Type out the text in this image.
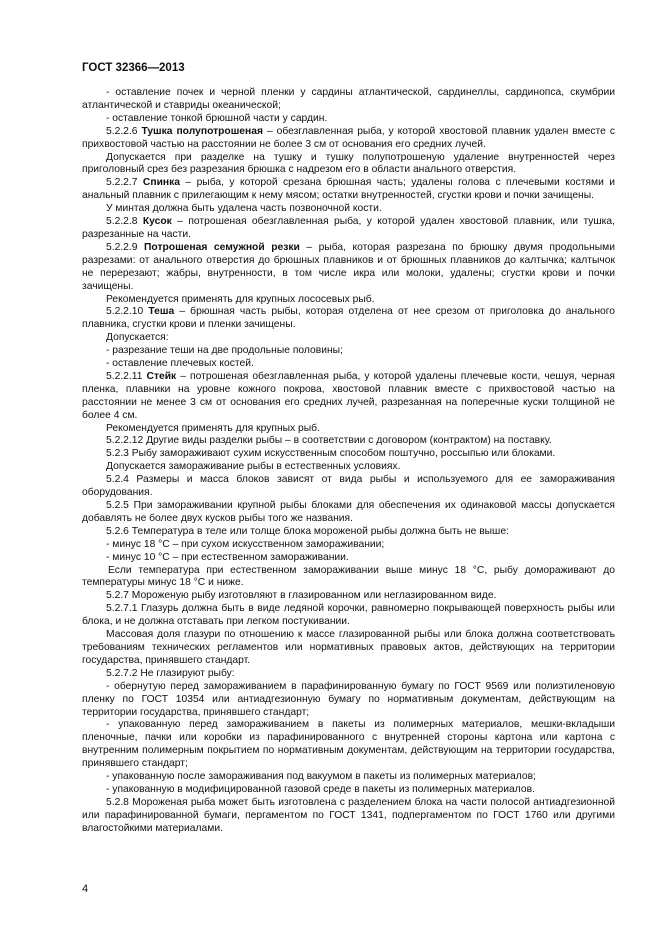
ГОСТ 32366—2013

- оставление почек и черной пленки у сардины атлантической, сардинеллы, сардинопса, скумбрии атлантической и ставриды океанической;

- оставление тонкой брюшной части у сардин.

5.2.2.6 Тушка полупотрошеная – обезглавленная рыба, у которой хвостовой плавник удален вместе с прихвостовой частью на расстоянии не более 3 см от основания его средних лучей.

Допускается при разделке на тушку и тушку полупотрошеную удаление внутренностей через приголовный срез без разрезания брюшка с надрезом его в области анального отверстия.

5.2.2.7 Спинка – рыба, у которой срезана брюшная часть; удалены голова с плечевыми костями и анальный плавник с прилегающим к нему мясом; остатки внутренностей, сгустки крови и почки зачищены.

У минтая должна быть удалена часть позвоночной кости.

5.2.2.8 Кусок – потрошеная обезглавленная рыба, у которой удален хвостовой плавник, или тушка, разрезанные на части.

5.2.2.9 Потрошеная семужной резки – рыба, которая разрезана по брюшку двумя продольными разрезами: от анального отверстия до брюшных плавников и от брюшных плавников до калтычка; калтычок не перерезают; жабры, внутренности, в том числе икра или молоки, удалены; сгустки крови и почки зачищены.

Рекомендуется применять для крупных лососевых рыб.

5.2.2.10 Теша – брюшная часть рыбы, которая отделена от нее срезом от приголовка до анального плавника, сгустки крови и пленки зачищены.

Допускается:

- разрезание теши на две продольные половины;

- оставление плечевых костей.

5.2.2.11 Стейк – потрошеная обезглавленная рыба, у которой удалены плечевые кости, чешуя, черная пленка, плавники на уровне кожного покрова, хвостовой плавник вместе с прихвостовой частью на расстоянии не менее 3 см от основания его средних лучей, разрезанная на поперечные куски толщиной не более 4 см.

Рекомендуется применять для крупных рыб.

5.2.2.12 Другие виды разделки рыбы – в соответствии с договором (контрактом) на поставку.

5.2.3 Рыбу замораживают сухим искусственным способом поштучно, россыпью или блоками.

Допускается замораживание рыбы в естественных условиях.

5.2.4 Размеры и масса блоков зависят от вида рыбы и используемого для ее замораживания оборудования.

5.2.5 При замораживании крупной рыбы блоками для обеспечения их одинаковой массы допускается добавлять не более двух кусков рыбы того же названия.

5.2.6 Температура в теле или толще блока мороженой рыбы должна быть не выше:

- минус 18 °С – при сухом искусственном замораживании;

- минус 10 °С – при естественном замораживании.

Если температура при естественном замораживании выше минус 18 °С, рыбу домораживают до температуры минус 18 °С и ниже.

5.2.7 Мороженую рыбу изготовляют в глазированном или неглазированном виде.

5.2.7.1 Глазурь должна быть в виде ледяной корочки, равномерно покрывающей поверхность рыбы или блока, и не должна отставать при легком постукивании.

Массовая доля глазури по отношению к массе глазированной рыбы или блока должна соответствовать требованиям технических регламентов или нормативных правовых актов, действующих на территории государства, принявшего стандарт.

5.2.7.2 Не глазируют рыбу:

- обернутую перед замораживанием в парафинированную бумагу по ГОСТ 9569 или полиэтиленовую пленку по ГОСТ 10354 или антиадгезионную бумагу по нормативным документам, действующим на территории государства, принявшего стандарт;

- упакованную перед замораживанием в пакеты из полимерных материалов, мешки-вкладыши пленочные, пачки или коробки из парафинированного с внутренней стороны картона или картона с внутренним полимерным покрытием по нормативным документам, действующим на территории государства, принявшего стандарт;

- упакованную после замораживания под вакуумом в пакеты из полимерных материалов;

- упакованную в модифицированной газовой среде в пакеты из полимерных материалов.

5.2.8 Мороженая рыба может быть изготовлена с разделением блока на части полосой антиадгезионной или парафинированной бумаги, пергаментом по ГОСТ 1341, подпергаментом по ГОСТ 1760 или другими влагостойкими материалами.

4
